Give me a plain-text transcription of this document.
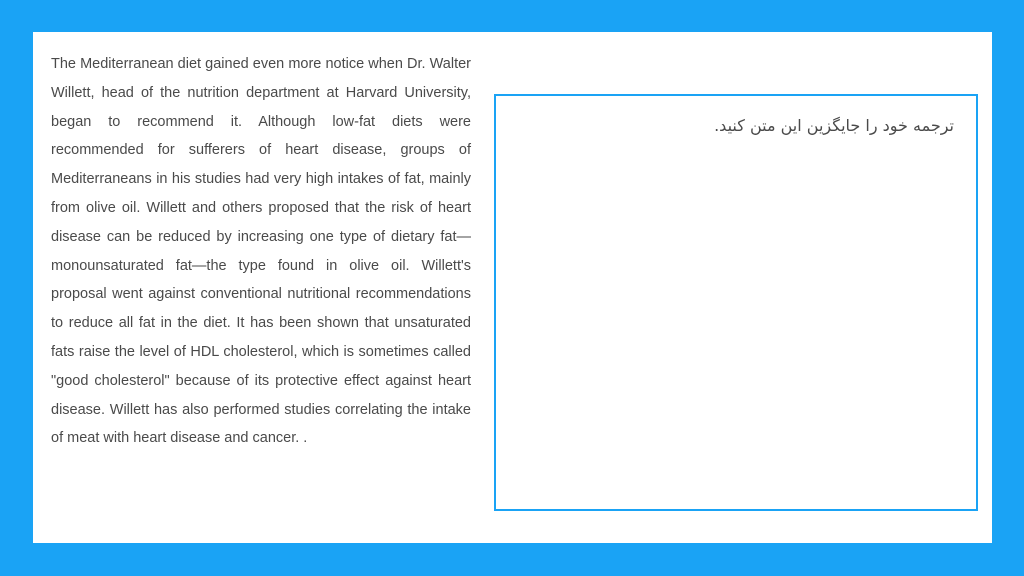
The Mediterranean diet gained even more notice when Dr. Walter Willett, head of the nutrition department at Harvard University, began to recommend it. Although low-fat diets were recommended for sufferers of heart disease, groups of Mediterraneans in his studies had very high intakes of fat, mainly from olive oil. Willett and others proposed that the risk of heart disease can be reduced by increasing one type of dietary fat—monounsaturated fat—the type found in olive oil. Willett's proposal went against conventional nutritional recommendations to reduce all fat in the diet. It has been shown that unsaturated fats raise the level of HDL cholesterol, which is sometimes called "good cholesterol" because of its protective effect against heart disease. Willett has also performed studies correlating the intake of meat with heart disease and cancer. .

ترجمه خود را جایگزین این متن کنید.
